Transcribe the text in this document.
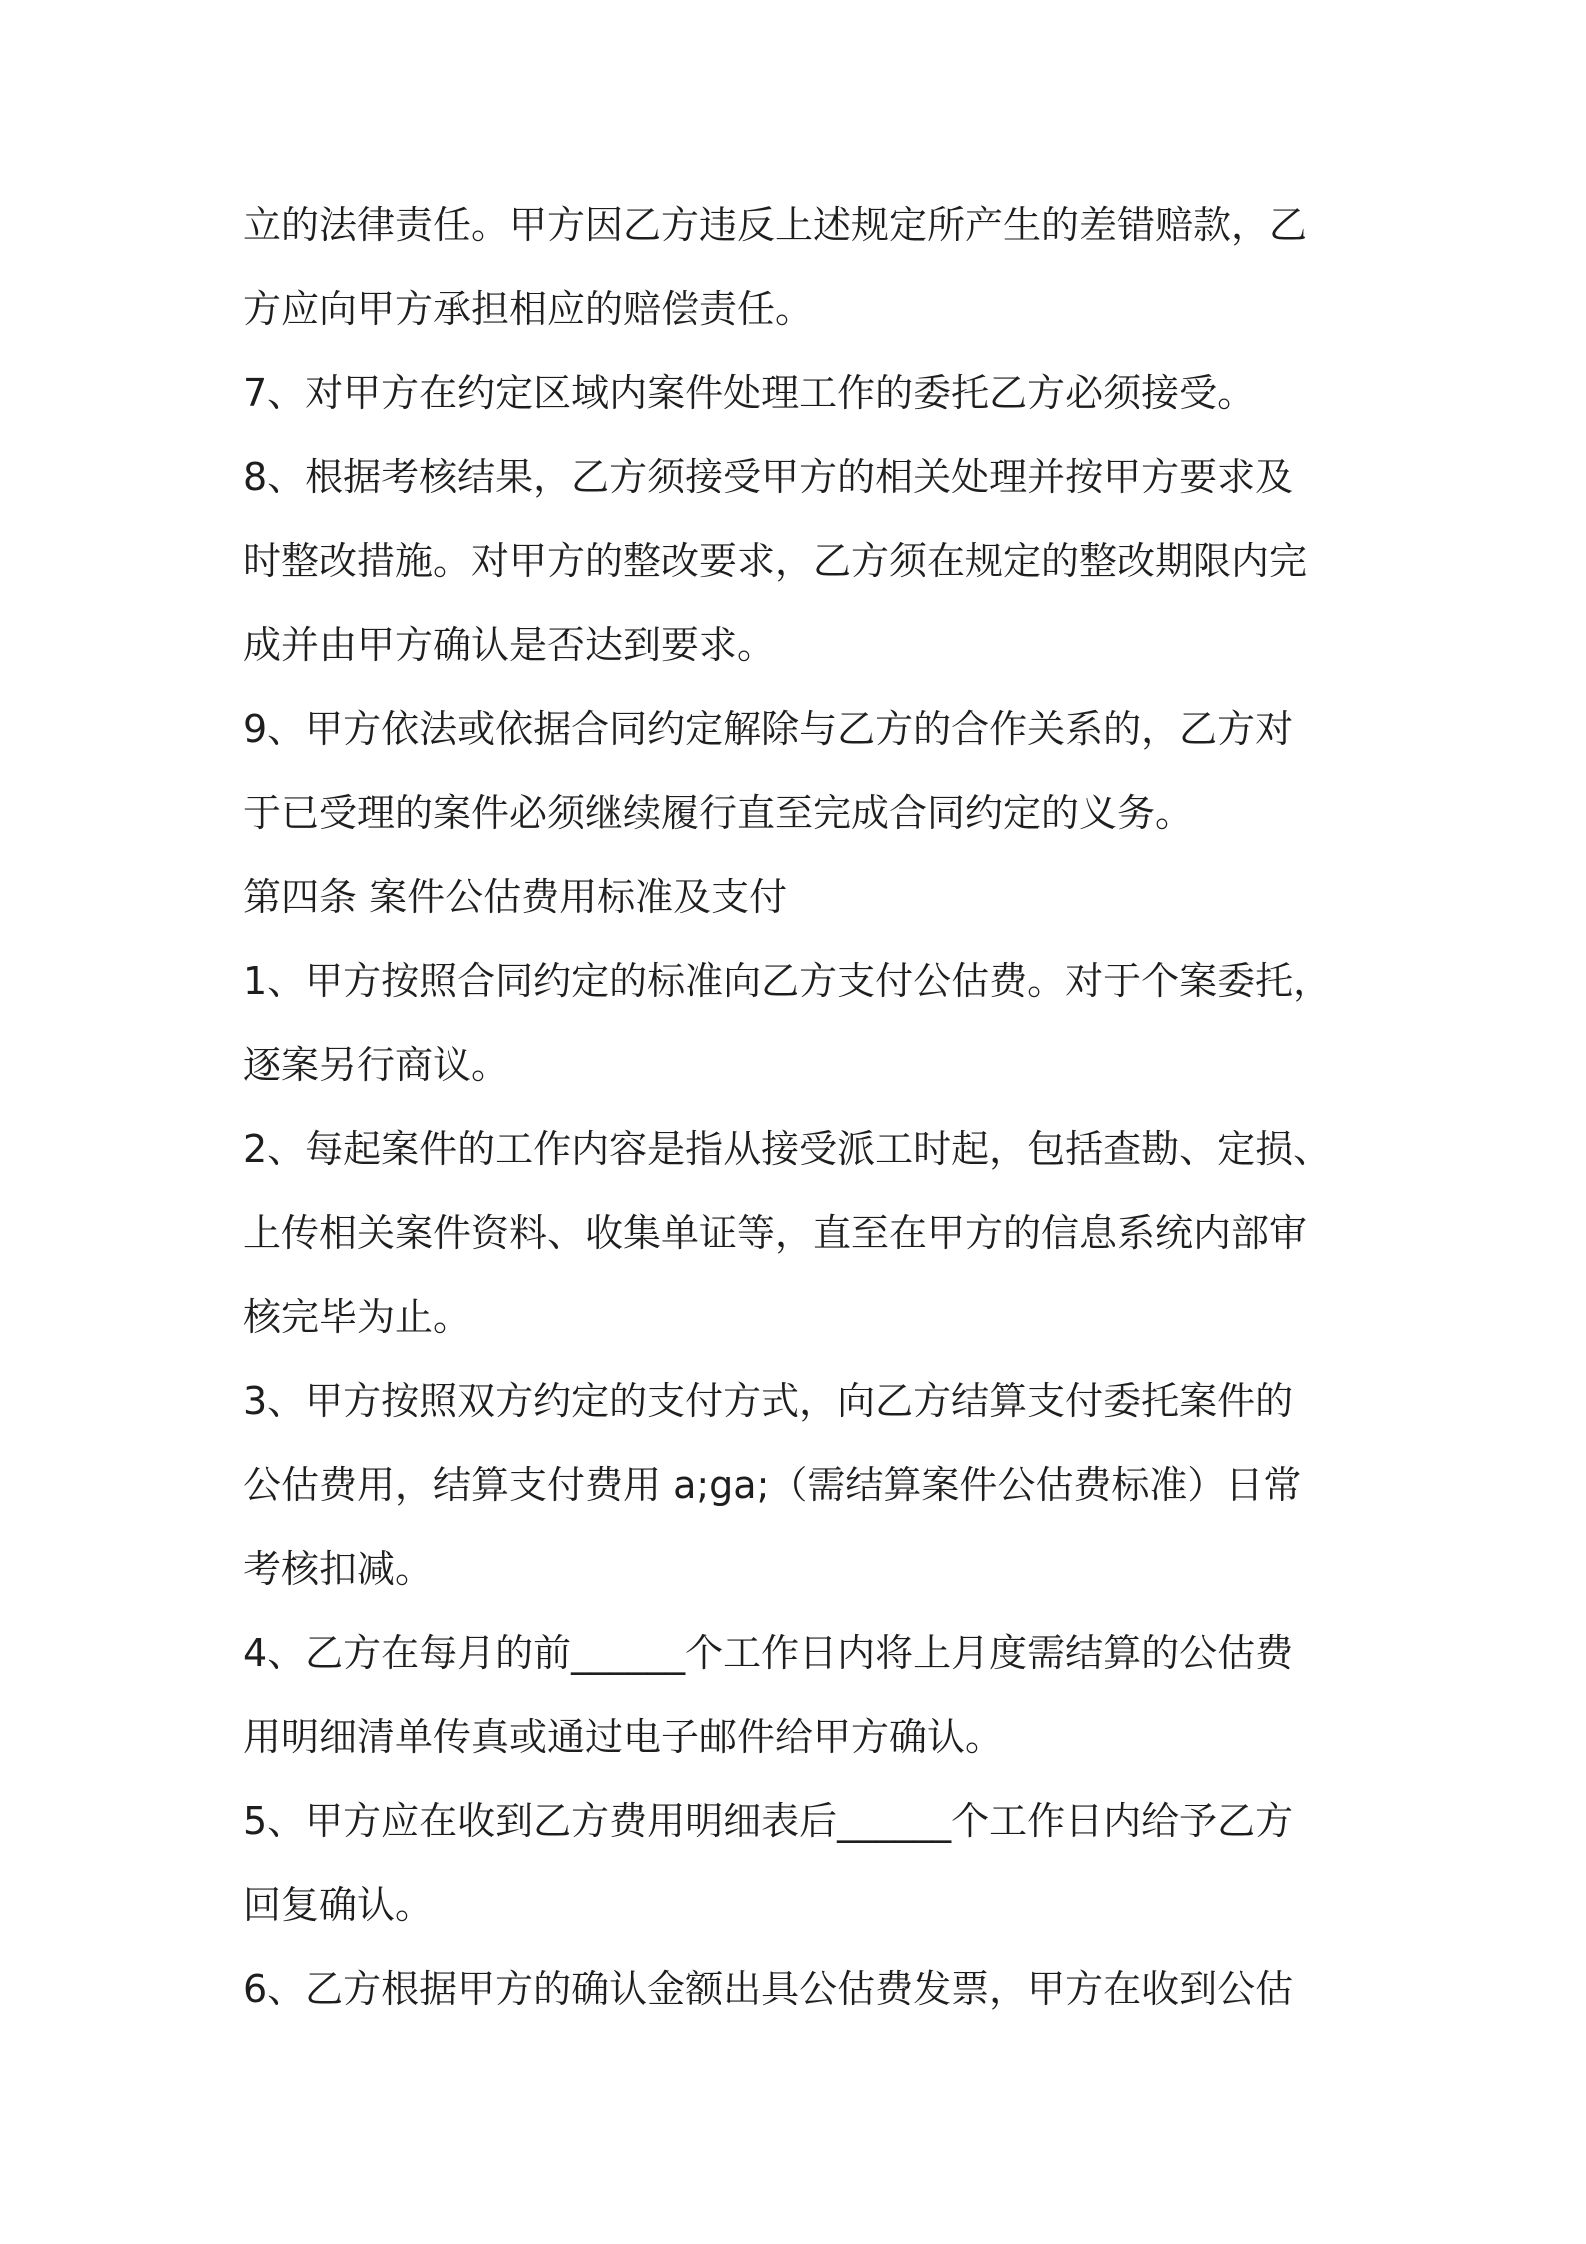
立的法律责任。甲方因乙方违反上述规定所产生的差错赔款，乙
方应向甲方承担相应的赔偿责任。
7、对甲方在约定区域内案件处理工作的委托乙方必须接受。
8、根据考核结果，乙方须接受甲方的相关处理并按甲方要求及
时整改措施。对甲方的整改要求，乙方须在规定的整改期限内完
成并由甲方确认是否达到要求。
9、甲方依法或依据合同约定解除与乙方的合作关系的，乙方对
于已受理的案件必须继续履行直至完成合同约定的义务。
第四条 案件公估费用标准及支付
1、甲方按照合同约定的标准向乙方支付公估费。对于个案委托，
逐案另行商议。
2、每起案件的工作内容是指从接受派工时起，包括查勘、定损、
上传相关案件资料、收集单证等，直至在甲方的信息系统内部审
核完毕为止。
3、甲方按照双方约定的支付方式，向乙方结算支付委托案件的
公估费用，结算支付费用 a;ga;（需结算案件公估费标准）日常
考核扣减。
4、乙方在每月的前______个工作日内将上月度需结算的公估费
用明细清单传真或通过电子邮件给甲方确认。
5、甲方应在收到乙方费用明细表后______个工作日内给予乙方
回复确认。
6、乙方根据甲方的确认金额出具公估费发票，甲方在收到公估
